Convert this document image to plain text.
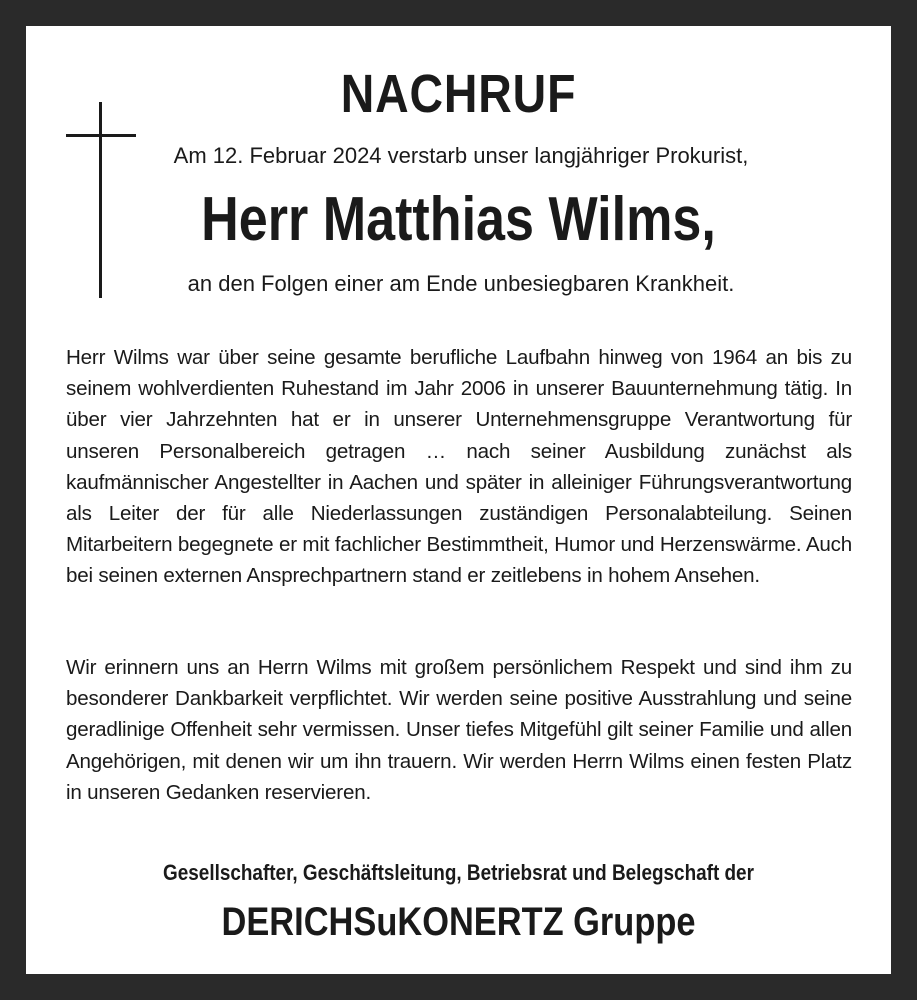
NACHRUF
Am 12. Februar 2024 verstarb unser langjähriger Prokurist,
Herr Matthias Wilms,
an den Folgen einer am Ende unbesiegbaren Krankheit.
Herr Wilms war über seine gesamte berufliche Laufbahn hinweg von 1964 an bis zu seinem wohlverdienten Ruhestand im Jahr 2006 in unserer Bauunternehmung tätig. In über vier Jahrzehnten hat er in unserer Unternehmensgruppe Verantwortung für unseren Personalbereich getragen … nach seiner Ausbildung zunächst als kaufmännischer Angestellter in Aachen und später in alleiniger Führungsverantwortung als Leiter der für alle Niederlassungen zuständigen Personalabteilung. Seinen Mitarbeitern begegnete er mit fachlicher Bestimmtheit, Humor und Herzenswärme. Auch bei seinen externen Ansprechpartnern stand er zeitlebens in hohem Ansehen.
Wir erinnern uns an Herrn Wilms mit großem persönlichem Respekt und sind ihm zu besonderer Dankbarkeit verpflichtet. Wir werden seine positive Ausstrahlung und seine geradlinige Offenheit sehr vermissen. Unser tiefes Mitgefühl gilt seiner Familie und allen Angehörigen, mit denen wir um ihn trauern. Wir werden Herrn Wilms einen festen Platz in unseren Gedanken reservieren.
Gesellschafter, Geschäftsleitung, Betriebsrat und Belegschaft der
DERICHSuKONERTZ Gruppe
